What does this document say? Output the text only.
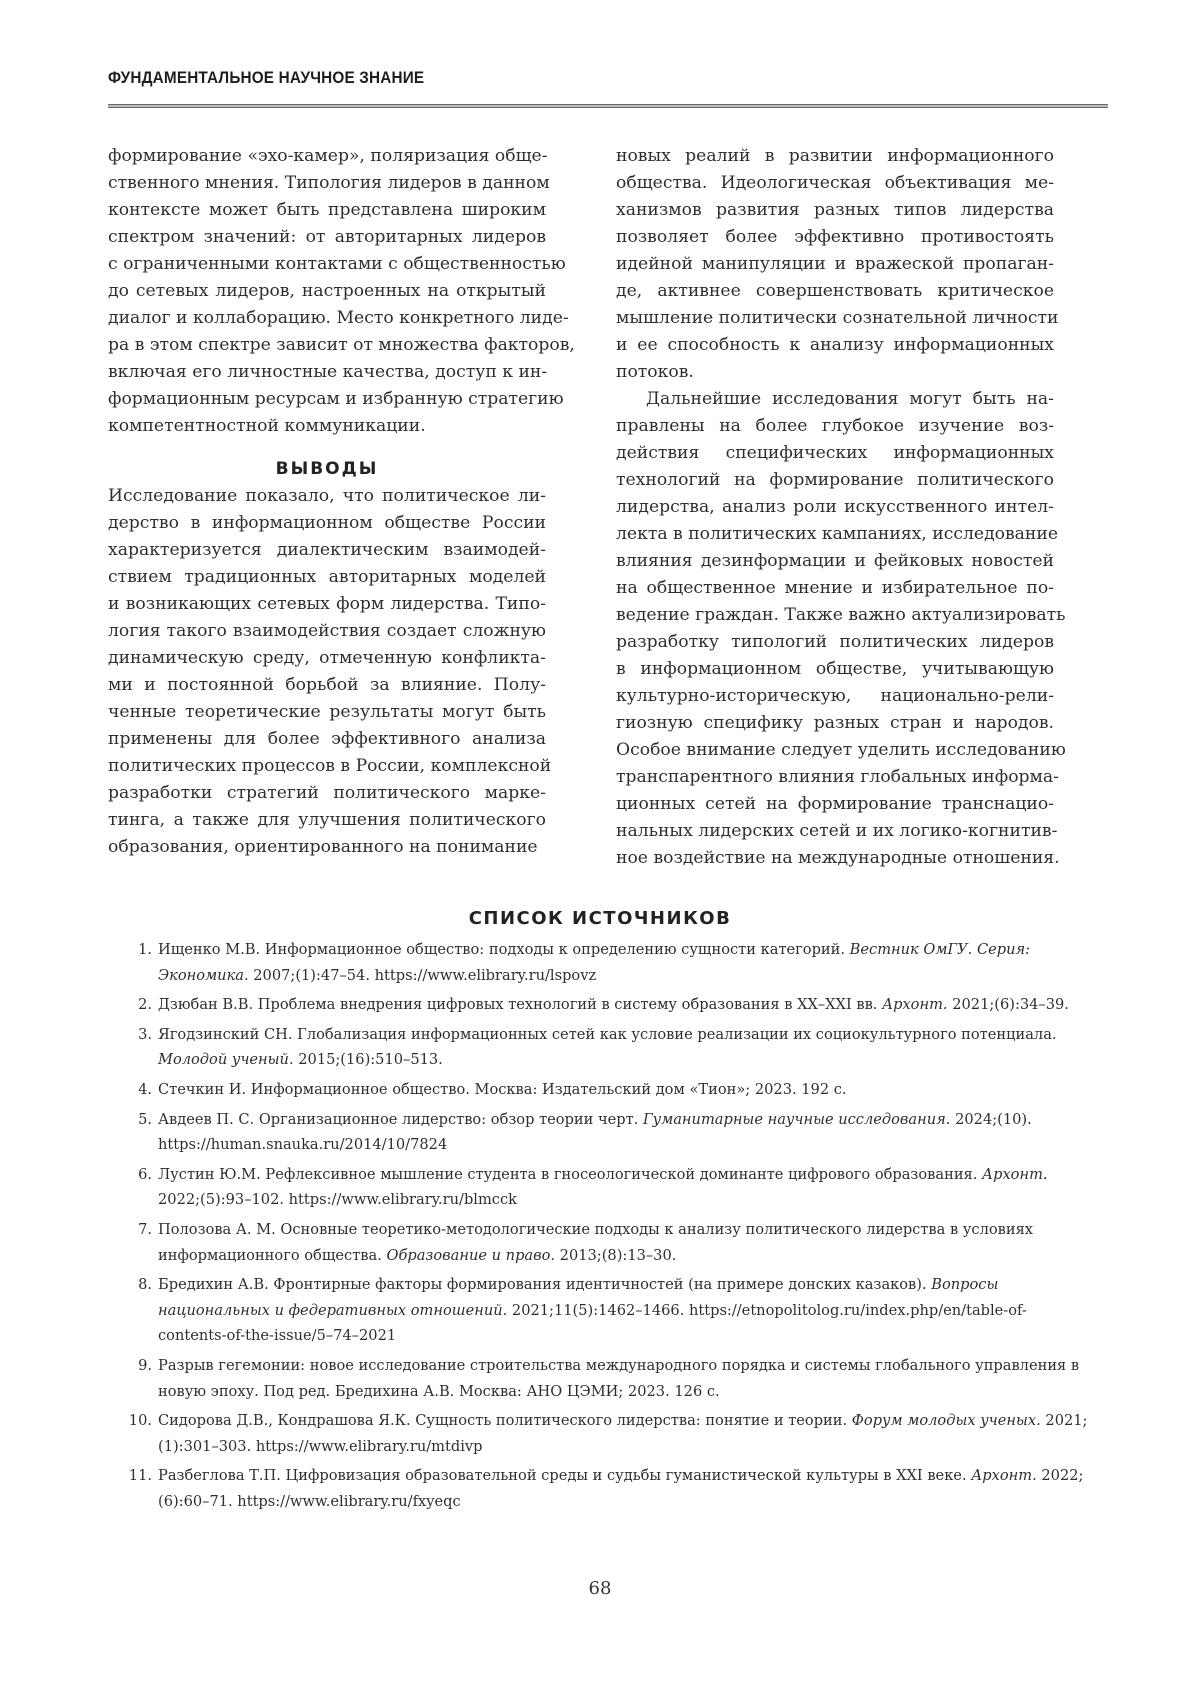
ФУНДАМЕНТАЛЬНОЕ НАУЧНОЕ ЗНАНИЕ
формирование «эхо-камер», поляризация обще-
ственного мнения. Типология лидеров в данном
контексте может быть представлена широким
спектром значений: от авторитарных лидеров
с ограниченными контактами с общественностью
до сетевых лидеров, настроенных на открытый
диалог и коллаборацию. Место конкретного лиде-
ра в этом спектре зависит от множества факторов,
включая его личностные качества, доступ к ин-
формационным ресурсам и избранную стратегию
компетентностной коммуникации.
ВЫВОДЫ
Исследование показало, что политическое ли-
дерство в информационном обществе России
характеризуется диалектическим взаимодей-
ствием традиционных авторитарных моделей
и возникающих сетевых форм лидерства. Типо-
логия такого взаимодействия создает сложную
динамическую среду, отмеченную конфликта-
ми и постоянной борьбой за влияние. Полу-
ченные теоретические результаты могут быть
применены для более эффективного анализа
политических процессов в России, комплексной
разработки стратегий политического марке-
тинга, а также для улучшения политического
образования, ориентированного на понимание
новых реалий в развитии информационного
общества. Идеологическая объективация ме-
ханизмов развития разных типов лидерства
позволяет более эффективно противостоять
идейной манипуляции и вражеской пропаган-
де, активнее совершенствовать критическое
мышление политически сознательной личности
и ее способность к анализу информационных
потоков.
Дальнейшие исследования могут быть на-
правлены на более глубокое изучение воз-
действия специфических информационных
технологий на формирование политического
лидерства, анализ роли искусственного интел-
лекта в политических кампаниях, исследование
влияния дезинформации и фейковых новостей
на общественное мнение и избирательное по-
ведение граждан. Также важно актуализировать
разработку типологий политических лидеров
в информационном обществе, учитывающую
культурно-историческую, национально-рели-
гиозную специфику разных стран и народов.
Особое внимание следует уделить исследованию
транспарентного влияния глобальных информа-
ционных сетей на формирование транснацио-
нальных лидерских сетей и их логико-когнитив-
ное воздействие на международные отношения.
СПИСОК ИСТОЧНИКОВ
1. Ищенко М.В. Информационное общество: подходы к определению сущности категорий. Вестник ОмГУ. Серия: Экономика. 2007;(1):47–54. https://www.elibrary.ru/lspovz
2. Дзюбан В.В. Проблема внедрения цифровых технологий в систему образования в XX–XXI вв. Архонт. 2021;(6):34–39.
3. Ягодзинский СН. Глобализация информационных сетей как условие реализации их социокультурного потенциала. Молодой ученый. 2015;(16):510–513.
4. Стечкин И. Информационное общество. Москва: Издательский дом «Тион»; 2023. 192 с.
5. Авдеев П. С. Организационное лидерство: обзор теории черт. Гуманитарные научные исследования. 2024;(10). https://human.snauka.ru/2014/10/7824
6. Лустин Ю.М. Рефлексивное мышление студента в гносеологической доминанте цифрового образования. Архонт. 2022;(5):93–102. https://www.elibrary.ru/blmcck
7. Полозова А. М. Основные теоретико-методологические подходы к анализу политического лидерства в условиях информационного общества. Образование и право. 2013;(8):13–30.
8. Бредихин А.В. Фронтирные факторы формирования идентичностей (на примере донских казаков). Вопросы национальных и федеративных отношений. 2021;11(5):1462–1466. https://etnopolitolog.ru/index.php/en/table-of-contents-of-the-issue/5–74–2021
9. Разрыв гегемонии: новое исследование строительства международного порядка и системы глобального управления в новую эпоху. Под ред. Бредихина А.В. Москва: АНО ЦЭМИ; 2023. 126 с.
10. Сидорова Д.В., Кондрашова Я.К. Сущность политического лидерства: понятие и теории. Форум молодых ученых. 2021;(1):301–303. https://www.elibrary.ru/mtdivp
11. Разбеглова Т.П. Цифровизация образовательной среды и судьбы гуманистической культуры в XXI веке. Архонт. 2022;(6):60–71. https://www.elibrary.ru/fxyeqc
68
